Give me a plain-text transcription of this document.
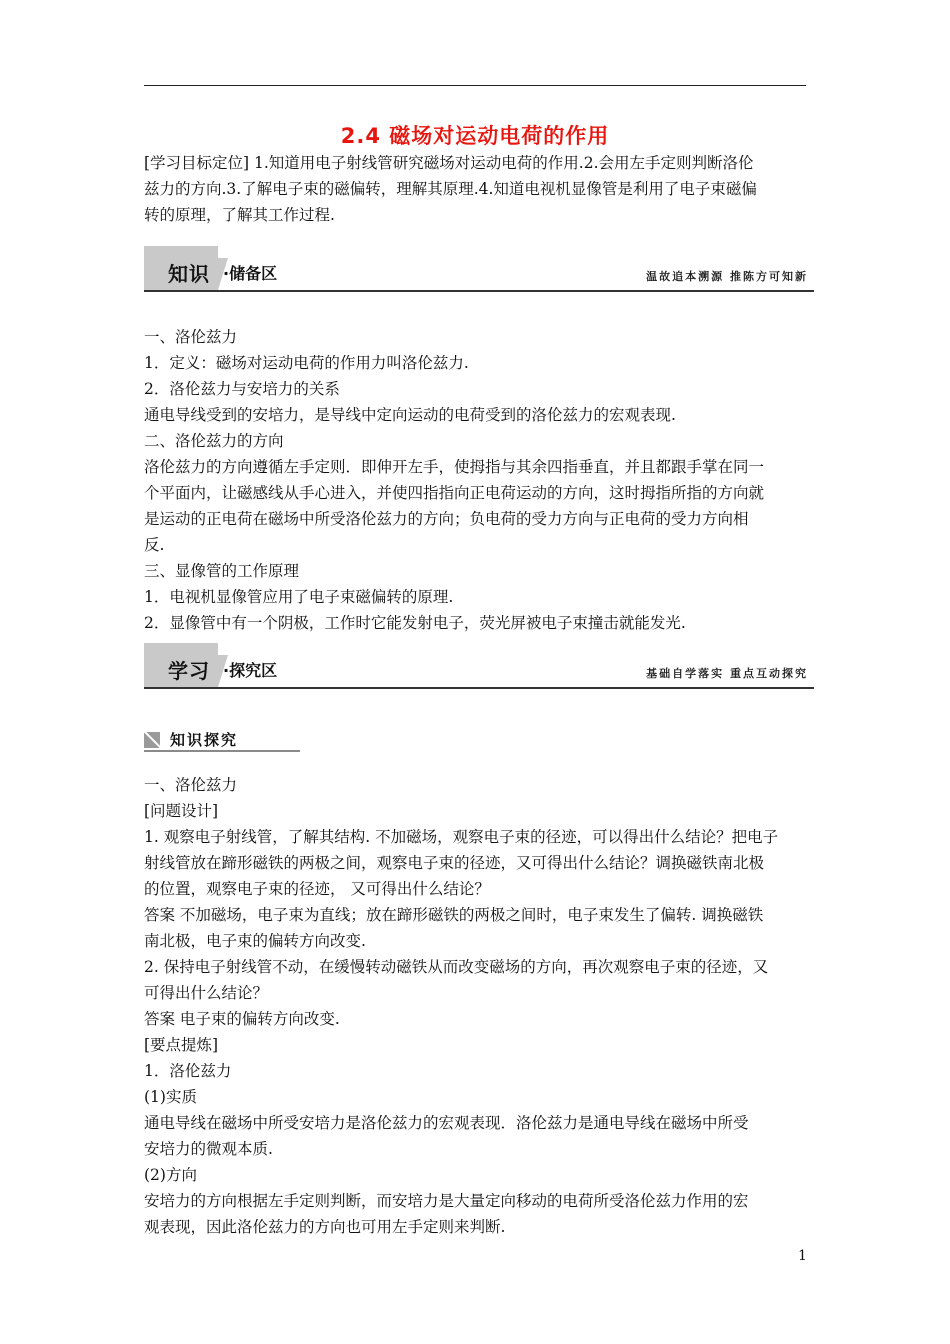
2.4 磁场对运动电荷的作用
[学习目标定位] 1.知道用电子射线管研究磁场对运动电荷的作用.2.会用左手定则判断洛伦
兹力的方向.3.了解电子束的磁偏转，理解其原理.4.知道电视机显像管是利用了电子束磁偏
转的原理，了解其工作过程.
知识 ·储备区	温故追本溯源 推陈方可知新
一、洛伦兹力
1．定义：磁场对运动电荷的作用力叫洛伦兹力.
2．洛伦兹力与安培力的关系
通电导线受到的安培力，是导线中定向运动的电荷受到的洛伦兹力的宏观表现.
二、洛伦兹力的方向
洛伦兹力的方向遵循左手定则．即伸开左手，使拇指与其余四指垂直，并且都跟手掌在同一
个平面内，让磁感线从手心进入，并使四指指向正电荷运动的方向，这时拇指所指的方向就
是运动的正电荷在磁场中所受洛伦兹力的方向；负电荷的受力方向与正电荷的受力方向相
反.
三、显像管的工作原理
1．电视机显像管应用了电子束磁偏转的原理.
2．显像管中有一个阴极，工作时它能发射电子，荧光屏被电子束撞击就能发光.
学习 ·探究区	基础自学落实 重点互动探究
知识探究
一、洛伦兹力
[问题设计]
1. 观察电子射线管，了解其结构. 不加磁场，观察电子束的径迹，可以得出什么结论？把电子
射线管放在蹄形磁铁的两极之间，观察电子束的径迹，又可得出什么结论？调换磁铁南北极
的位置，观察电子束的径迹， 又可得出什么结论？
答案 不加磁场，电子束为直线；放在蹄形磁铁的两极之间时，电子束发生了偏转. 调换磁铁
南北极，电子束的偏转方向改变.
2. 保持电子射线管不动，在缓慢转动磁铁从而改变磁场的方向，再次观察电子束的径迹，又
可得出什么结论？
答案 电子束的偏转方向改变.
[要点提炼]
1．洛伦兹力
(1)实质
通电导线在磁场中所受安培力是洛伦兹力的宏观表现．洛伦兹力是通电导线在磁场中所受
安培力的微观本质.
(2)方向
安培力的方向根据左手定则判断，而安培力是大量定向移动的电荷所受洛伦兹力作用的宏
观表现，因此洛伦兹力的方向也可用左手定则来判断.
1
